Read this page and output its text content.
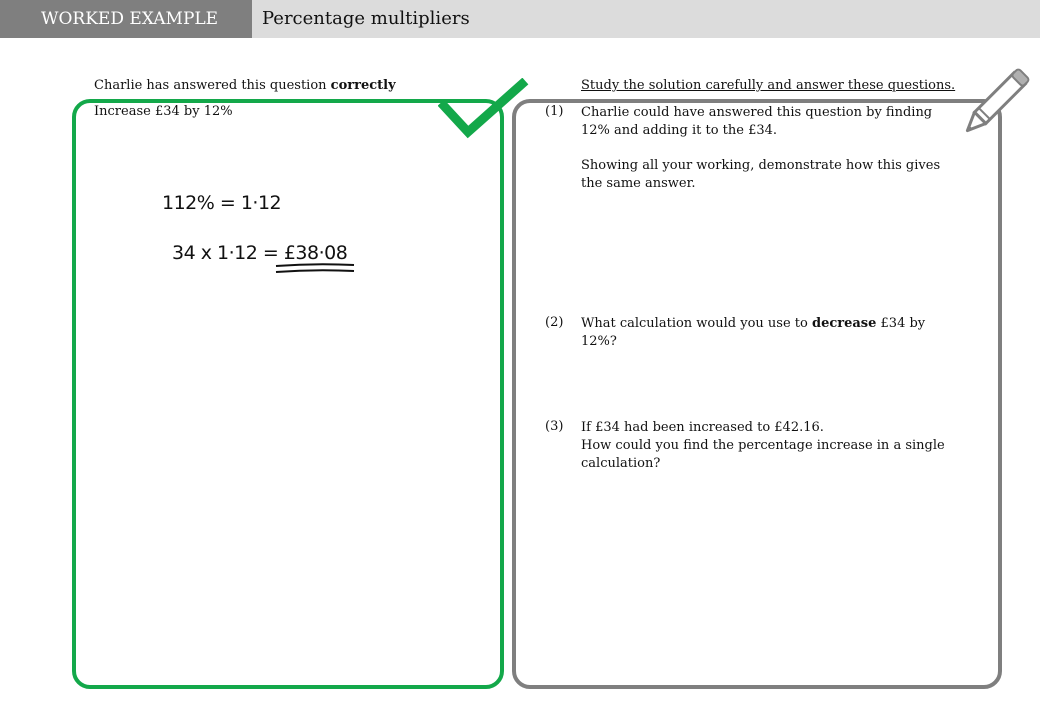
WORKED EXAMPLE	Percentage multipliers
Charlie has answered this question correctly	Study the solution carefully and answer these questions.
Increase £34 by 12%
112% = 1·12
34 x 1·12 = £38·08
(1) Charlie could have answered this question by finding 12% and adding it to the £34.
Showing all your working, demonstrate how this gives the same answer.
(2) What calculation would you use to decrease £34 by 12%?
(3) If £34 had been increased to £42.16.
How could you find the percentage increase in a single calculation?
